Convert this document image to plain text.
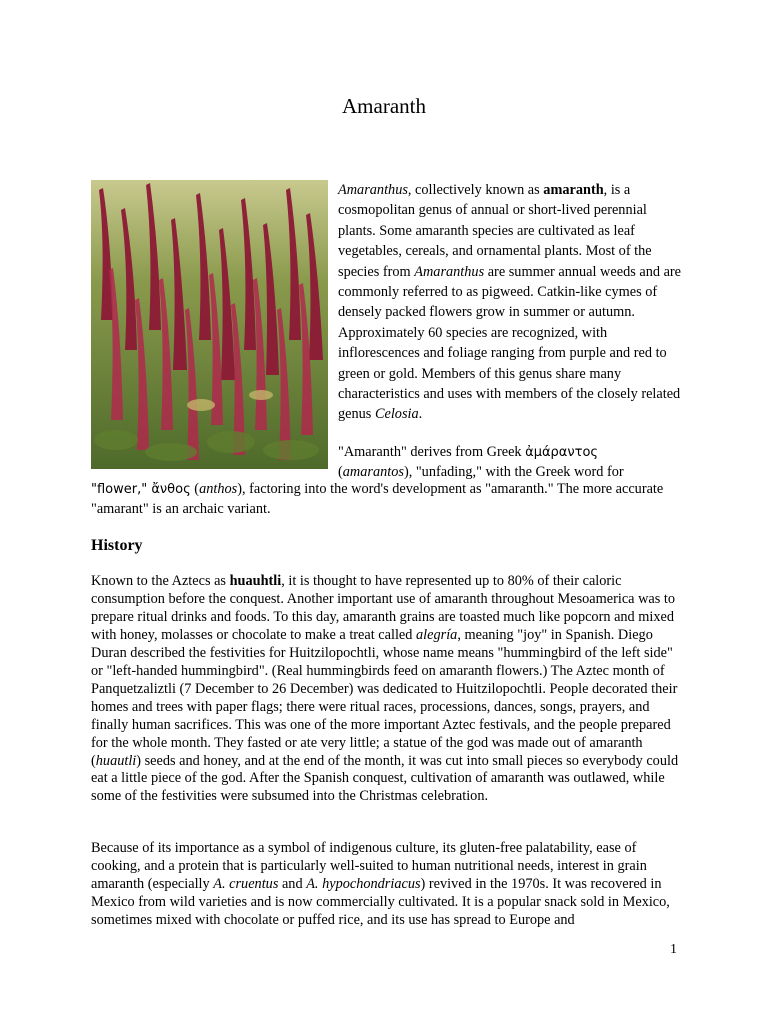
Amaranth

Amaranthus, collectively known as amaranth, is a cosmopolitan genus of annual or short-lived perennial plants. Some amaranth species are cultivated as leaf vegetables, cereals, and ornamental plants. Most of the species from Amaranthus are summer annual weeds and are commonly referred to as pigweed. Catkin-like cymes of densely packed flowers grow in summer or autumn. Approximately 60 species are recognized, with inflorescences and foliage ranging from purple and red to green or gold. Members of this genus share many characteristics and uses with members of the closely related genus Celosia.

"Amaranth" derives from Greek ἀμάραντος
(amarantos), "unfading," with the Greek word for
"flower," ἄνθος (anthos), factoring into the word's development as "amaranth." The more accurate "amarant" is an archaic variant.
History

Known to the Aztecs as huauhtli, it is thought to have represented up to 80% of their caloric consumption before the conquest. Another important use of amaranth throughout Mesoamerica was to prepare ritual drinks and foods. To this day, amaranth grains are toasted much like popcorn and mixed with honey, molasses or chocolate to make a treat called alegría, meaning "joy" in Spanish. Diego Duran described the festivities for Huitzilopochtli, whose name means "hummingbird of the left side" or "left-handed hummingbird". (Real hummingbirds feed on amaranth flowers.) The Aztec month of Panquetzaliztli (7 December to 26 December) was dedicated to Huitzilopochtli. People decorated their homes and trees with paper flags; there were ritual races, processions, dances, songs, prayers, and finally human sacrifices. This was one of the more important Aztec festivals, and the people prepared for the whole month. They fasted or ate very little; a statue of the god was made out of amaranth (huautli) seeds and honey, and at the end of the month, it was cut into small pieces so everybody could eat a little piece of the god. After the Spanish conquest, cultivation of amaranth was outlawed, while some of the festivities were subsumed into the Christmas celebration.

Because of its importance as a symbol of indigenous culture, its gluten-free palatability, ease of cooking, and a protein that is particularly well-suited to human nutritional needs, interest in grain amaranth (especially A. cruentus and A. hypochondriacus) revived in the 1970s. It was recovered in Mexico from wild varieties and is now commercially cultivated. It is a popular snack sold in Mexico, sometimes mixed with chocolate or puffed rice, and its use has spread to Europe and

1
